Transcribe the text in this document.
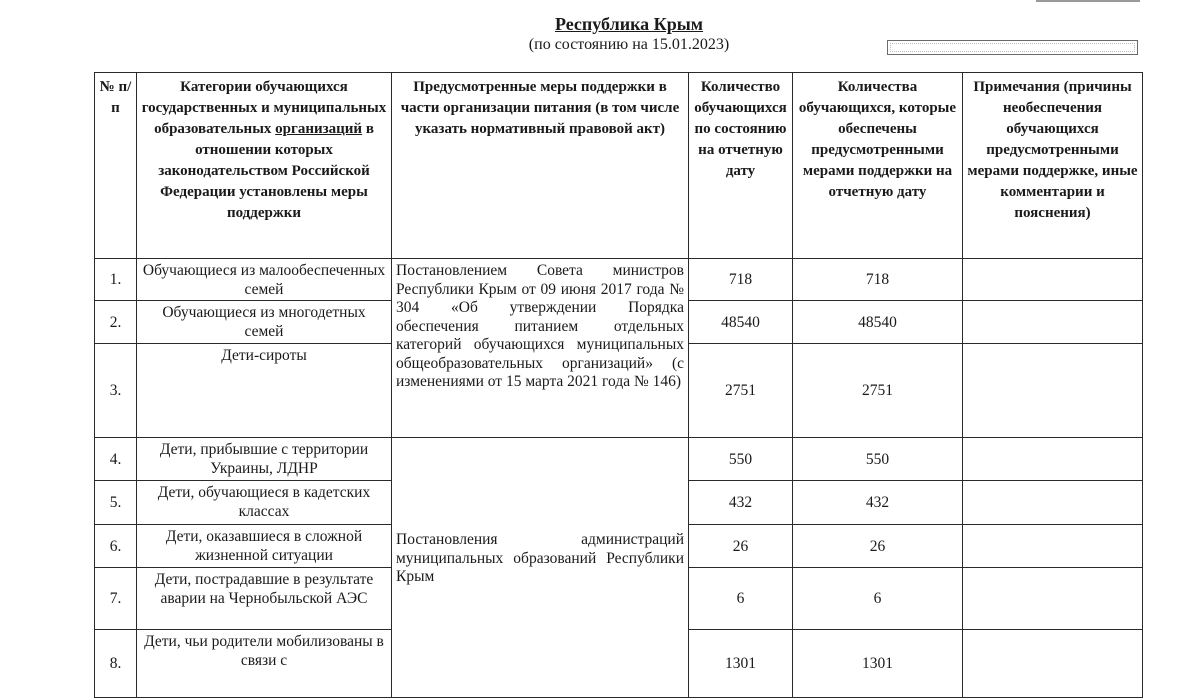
Республика Крым
(по состоянию на 15.01.2023)
№ п/п	Категории обучающихся государственных и муниципальных образовательных организаций в отношении которых законодательством Российской Федерации установлены меры поддержки	Предусмотренные меры поддержки в части организации питания (в том числе указать нормативный правовой акт)	Количество обучающихся по состоянию на отчетную дату	Количества обучающихся, которые обеспечены предусмотренными мерами поддержки на отчетную дату	Примечания (причины необеспечения обучающихся предусмотренными мерами поддержке, иные комментарии и пояснения)
1.	Обучающиеся из малообеспеченных семей	Постановлением Совета министров Республики Крым от 09 июня 2017 года № 304 «Об утверждении Порядка обеспечения питанием отдельных категорий обучающихся муниципальных общеобразовательных организаций» (с изменениями от 15 марта 2021 года № 146)	718	718	
2.	Обучающиеся из многодетных семей		48540	48540	
3.	Дети-сироты		2751	2751	
4.	Дети, прибывшие с территории Украины, ЛДНР	Постановления администраций муниципальных образований Республики Крым	550	550	
5.	Дети, обучающиеся в кадетских классах		432	432	
6.	Дети, оказавшиеся в сложной жизненной ситуации		26	26	
7.	Дети, пострадавшие в результате аварии на Чернобыльской АЭС		6	6	
8.	Дети, чьи родители мобилизованы в связи с		1301	1301	
